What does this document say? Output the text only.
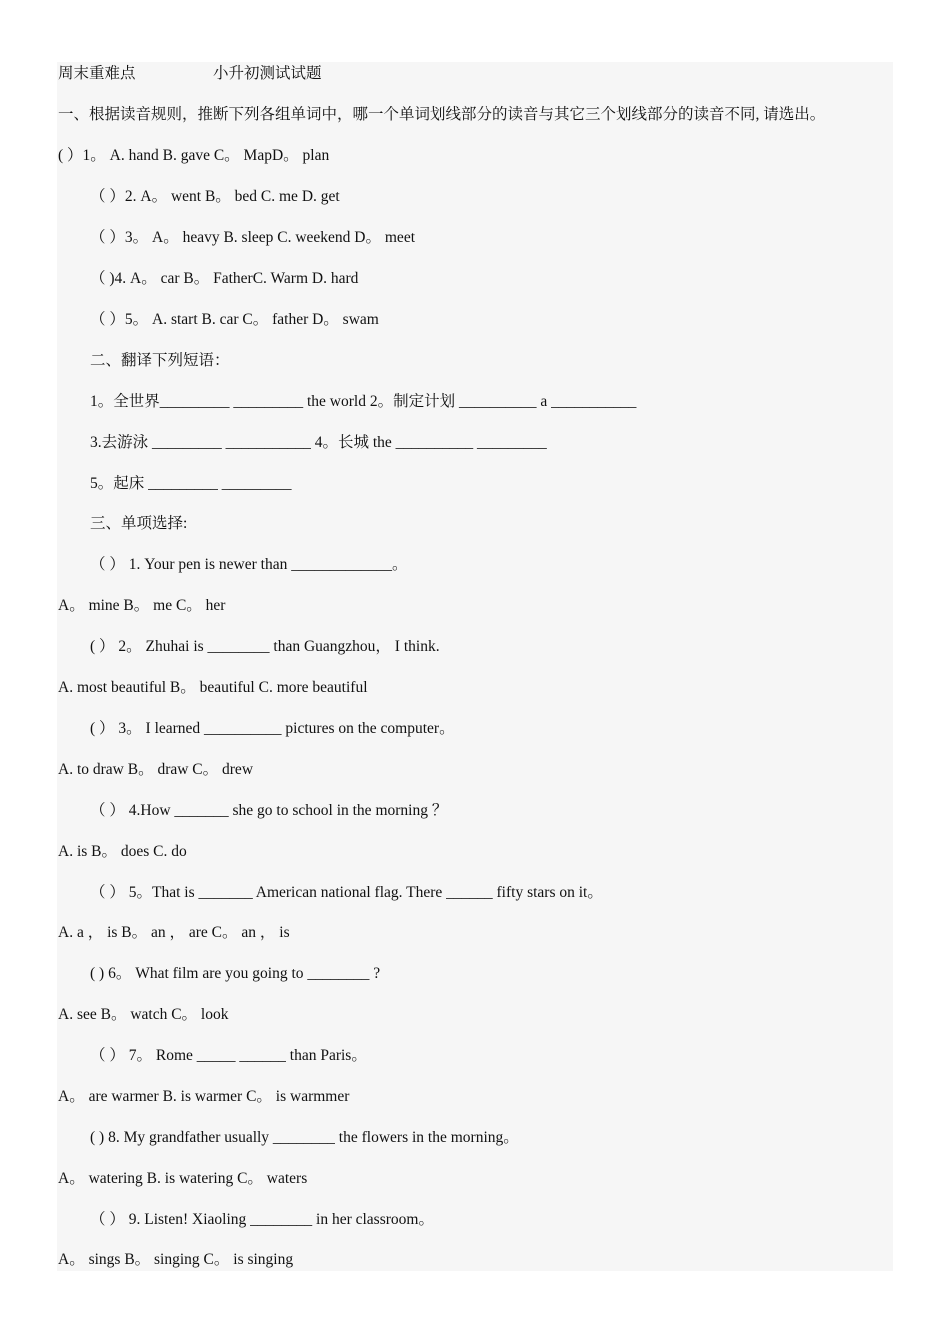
周末重难点                    小升初测试试题
一、根据读音规则，推断下列各组单词中，哪一个单词划线部分的读音与其它三个划线部分的读音不同, 请选出。
( ）1。 A. hand B. gave C。 MapD。 plan
（ ）2. A。 went B。 bed C. me D. get
（ ）3。 A。 heavy B. sleep C. weekend D。 meet
（ )4. A。 car B。 FatherC. Warm D. hard
（ ）5。 A. start B. car C。 father D。 swam
二、翻译下列短语：
1。全世界_________ _________ the world 2。制定计划 __________ a ___________
3.去游泳 _________ ___________ 4。长城 the __________ _________
5。起床 _________ _________
三、单项选择:
（ ） 1. Your pen is newer than _____________。
A。 mine B。 me C。 her
( ） 2。 Zhuhai is ________ than Guangzhou， I think.
A. most beautiful B。 beautiful C. more beautiful
( ） 3。 I learned __________ pictures on the computer。
A. to draw B。 draw C。 drew
（ ） 4.How _______ she go to school in the morning ？
A. is B。 does C. do
（ ） 5。That is _______ American national flag. There ______ fifty stars on it。
A. a ， is B。 an ， are C。 an ， is
( ) 6。 What film are you going to ________ ?
A. see B。 watch C。 look
（ ） 7。 Rome _____ ______ than Paris。
A。 are warmer B. is warmer C。 is warmmer
( ) 8. My grandfather usually ________ the flowers in the morning。
A。 watering B. is watering C。 waters
（ ） 9. Listen! Xiaoling ________ in her classroom。
A。 sings B。 singing C。 is singing
